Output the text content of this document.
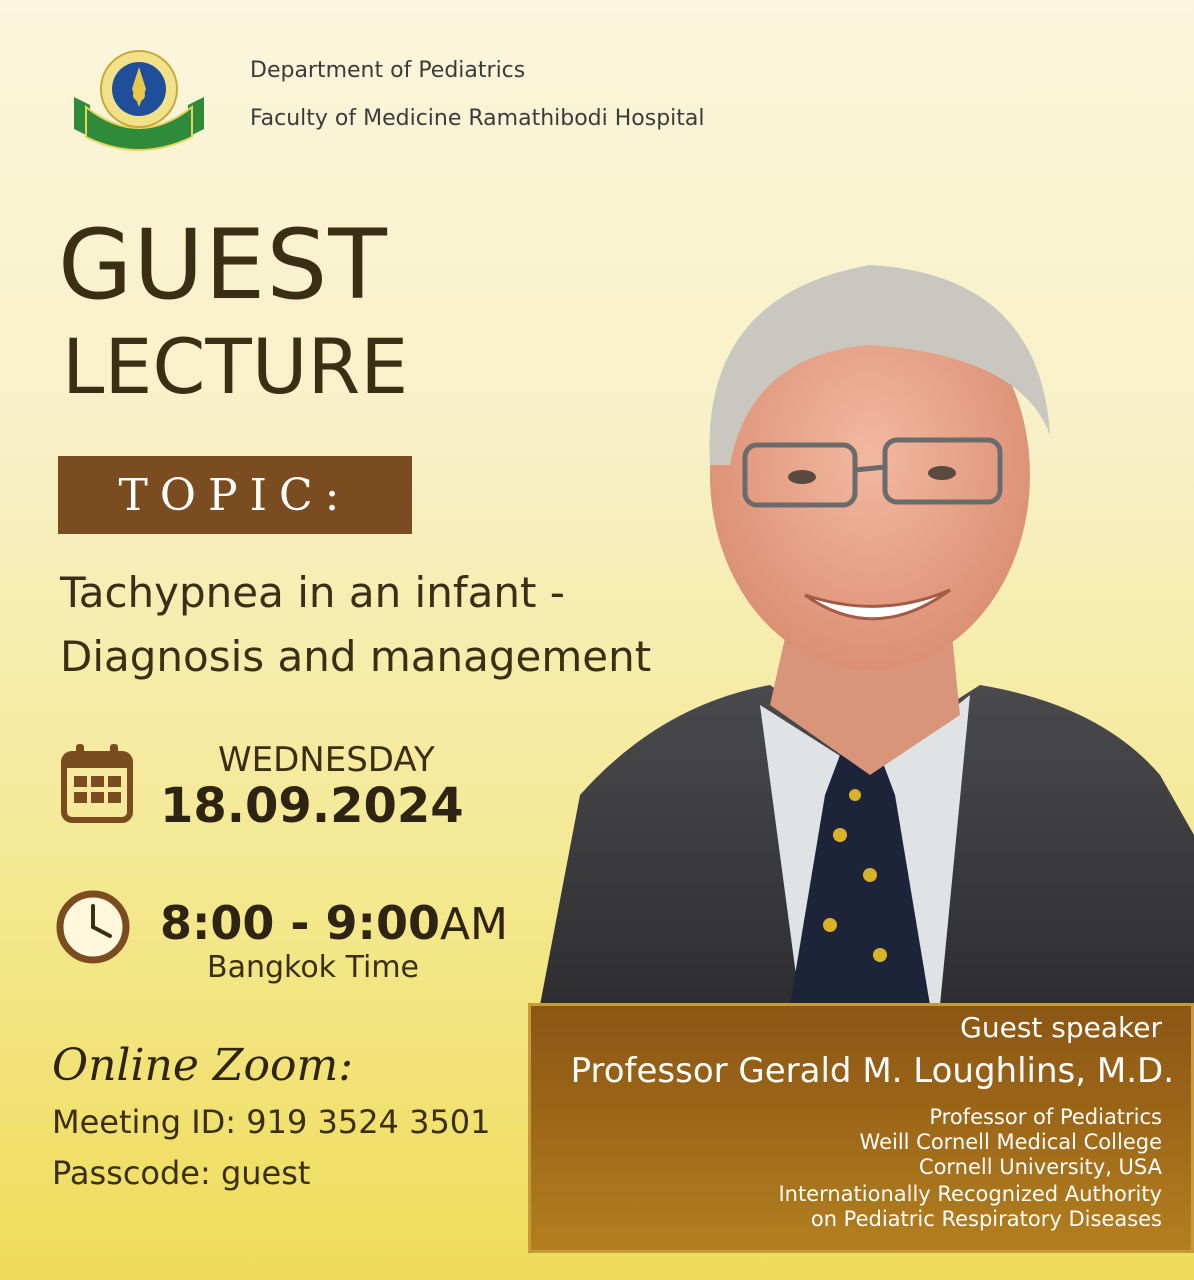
Department of Pediatrics
Faculty of Medicine Ramathibodi Hospital
GUEST
LECTURE
TOPIC:
Tachypnea in an infant -
Diagnosis and management
WEDNESDAY
18.09.2024
8:00 - 9:00AM
Bangkok Time
Online Zoom:
Meeting ID: 919 3524 3501
Passcode: guest
Guest speaker
Professor Gerald M. Loughlins, M.D.
Professor of Pediatrics
Weill Cornell Medical College
Cornell University, USA
Internationally Recognized Authority
on Pediatric Respiratory Diseases
